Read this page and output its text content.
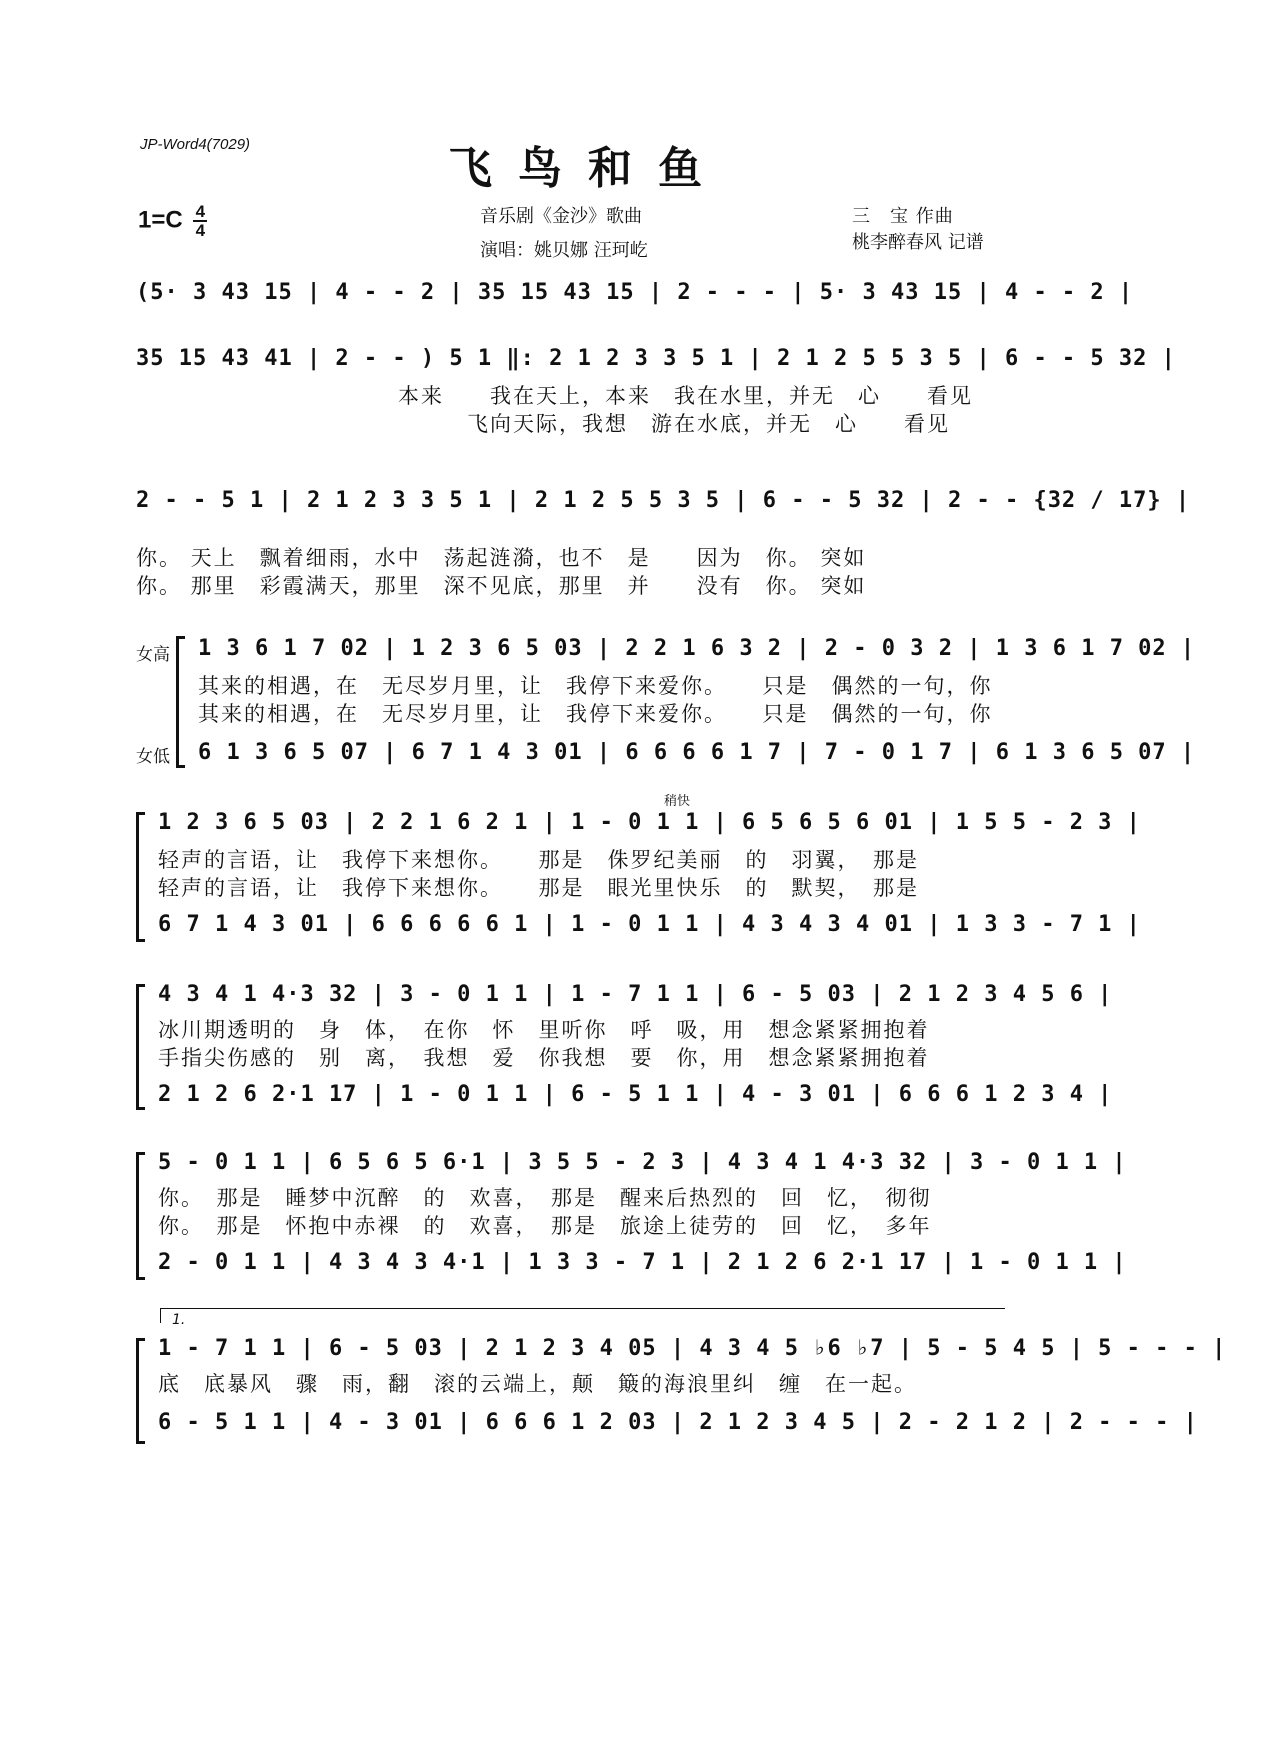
JP-Word4(7029)	飞鸟和鱼
$1=C \frac{4}{4}$	音乐剧《金沙》歌曲
演唱：姚贝娜 汪珂屹
三　宝 作曲
桃李醉春风 记谱
(5· 3 43 15 | 4 - - 2 | 35 15 43 15 | 2 - - - | 5· 3 43 15 | 4 - - 2 |
35 15 43 41 | 2 - - ) 5 1 ‖: 2 1 2 3 3 5 1 | 2 1 2 5 5 3 5 | 6 - - 5 32 |
本来　　我在天上，本来　我在水里，并无　心　　看见
　　　飞向天际，我想　游在水底，并无　心　　看见
2 - - 5 1 | 2 1 2 3 3 5 1 | 2 1 2 5 5 3 5 | 6 - - 5 32 | 2 - - {32 / 17} |
你。 天上　飘着细雨，水中　荡起涟漪，也不　是　　因为　你。 突如
你。 那里　彩霞满天，那里　深不见底，那里　并　　没有　你。 突如
女高
女低
1 3 6 1 7 02 | 1 2 3 6 5 03 | 2 2 1 6 3 2 | 2 - 0 3 2 | 1 3 6 1 7 02 |
其来的相遇，在　无尽岁月里，让　我停下来爱你。　　只是　偶然的一句，你
其来的相遇，在　无尽岁月里，让　我停下来爱你。　　只是　偶然的一句，你
6 1 3 6 5 07 | 6 7 1 4 3 01 | 6 6 6 6 1 7 | 7 - 0 1 7 | 6 1 3 6 5 07 |
稍快
1 2 3 6 5 03 | 2 2 1 6 2 1 | 1 - 0 1 1 | 6 5 6 5 6 01 | 1 5 5 - 2 3 |
轻声的言语，让　我停下来想你。　　那是　侏罗纪美丽　的　羽翼，　那是
轻声的言语，让　我停下来想你。　　那是　眼光里快乐　的　默契，　那是
6 7 1 4 3 01 | 6 6 6 6 6 1 | 1 - 0 1 1 | 4 3 4 3 4 01 | 1 3 3 - 7 1 |
4 3 4 1 4·3 32 | 3 - 0 1 1 | 1 - 7 1 1 | 6 - 5 03 | 2 1 2 3 4 5 6 |
冰川期透明的　身　体，　在你　怀　里听你　呼　吸，用　想念紧紧拥抱着
手指尖伤感的　别　离，　我想　爱　你我想　要　你，用　想念紧紧拥抱着
2 1 2 6 2·1 17 | 1 - 0 1 1 | 6 - 5 1 1 | 4 - 3 01 | 6 6 6 1 2 3 4 |
5 - 0 1 1 | 6 5 6 5 6·1 | 3 5 5 - 2 3 | 4 3 4 1 4·3 32 | 3 - 0 1 1 |
你。　那是　睡梦中沉醉　的　欢喜，　那是　醒来后热烈的　回　忆，　彻彻
你。　那是　怀抱中赤裸　的　欢喜，　那是　旅途上徒劳的　回　忆，　多年
2 - 0 1 1 | 4 3 4 3 4·1 | 1 3 3 - 7 1 | 2 1 2 6 2·1 17 | 1 - 0 1 1 |
1.
1 - 7 1 1 | 6 - 5 03 | 2 1 2 3 4 05 | 4 3 4 5 ♭6 ♭7 | 5 - 5 4 5 | 5 - - - |
底　底暴风　骤　雨，翻　滚的云端上，颠　簸的海浪里纠　缠　在一起。
6 - 5 1 1 | 4 - 3 01 | 6 6 6 1 2 03 | 2 1 2 3 4 5 | 2 - 2 1 2 | 2 - - - |
